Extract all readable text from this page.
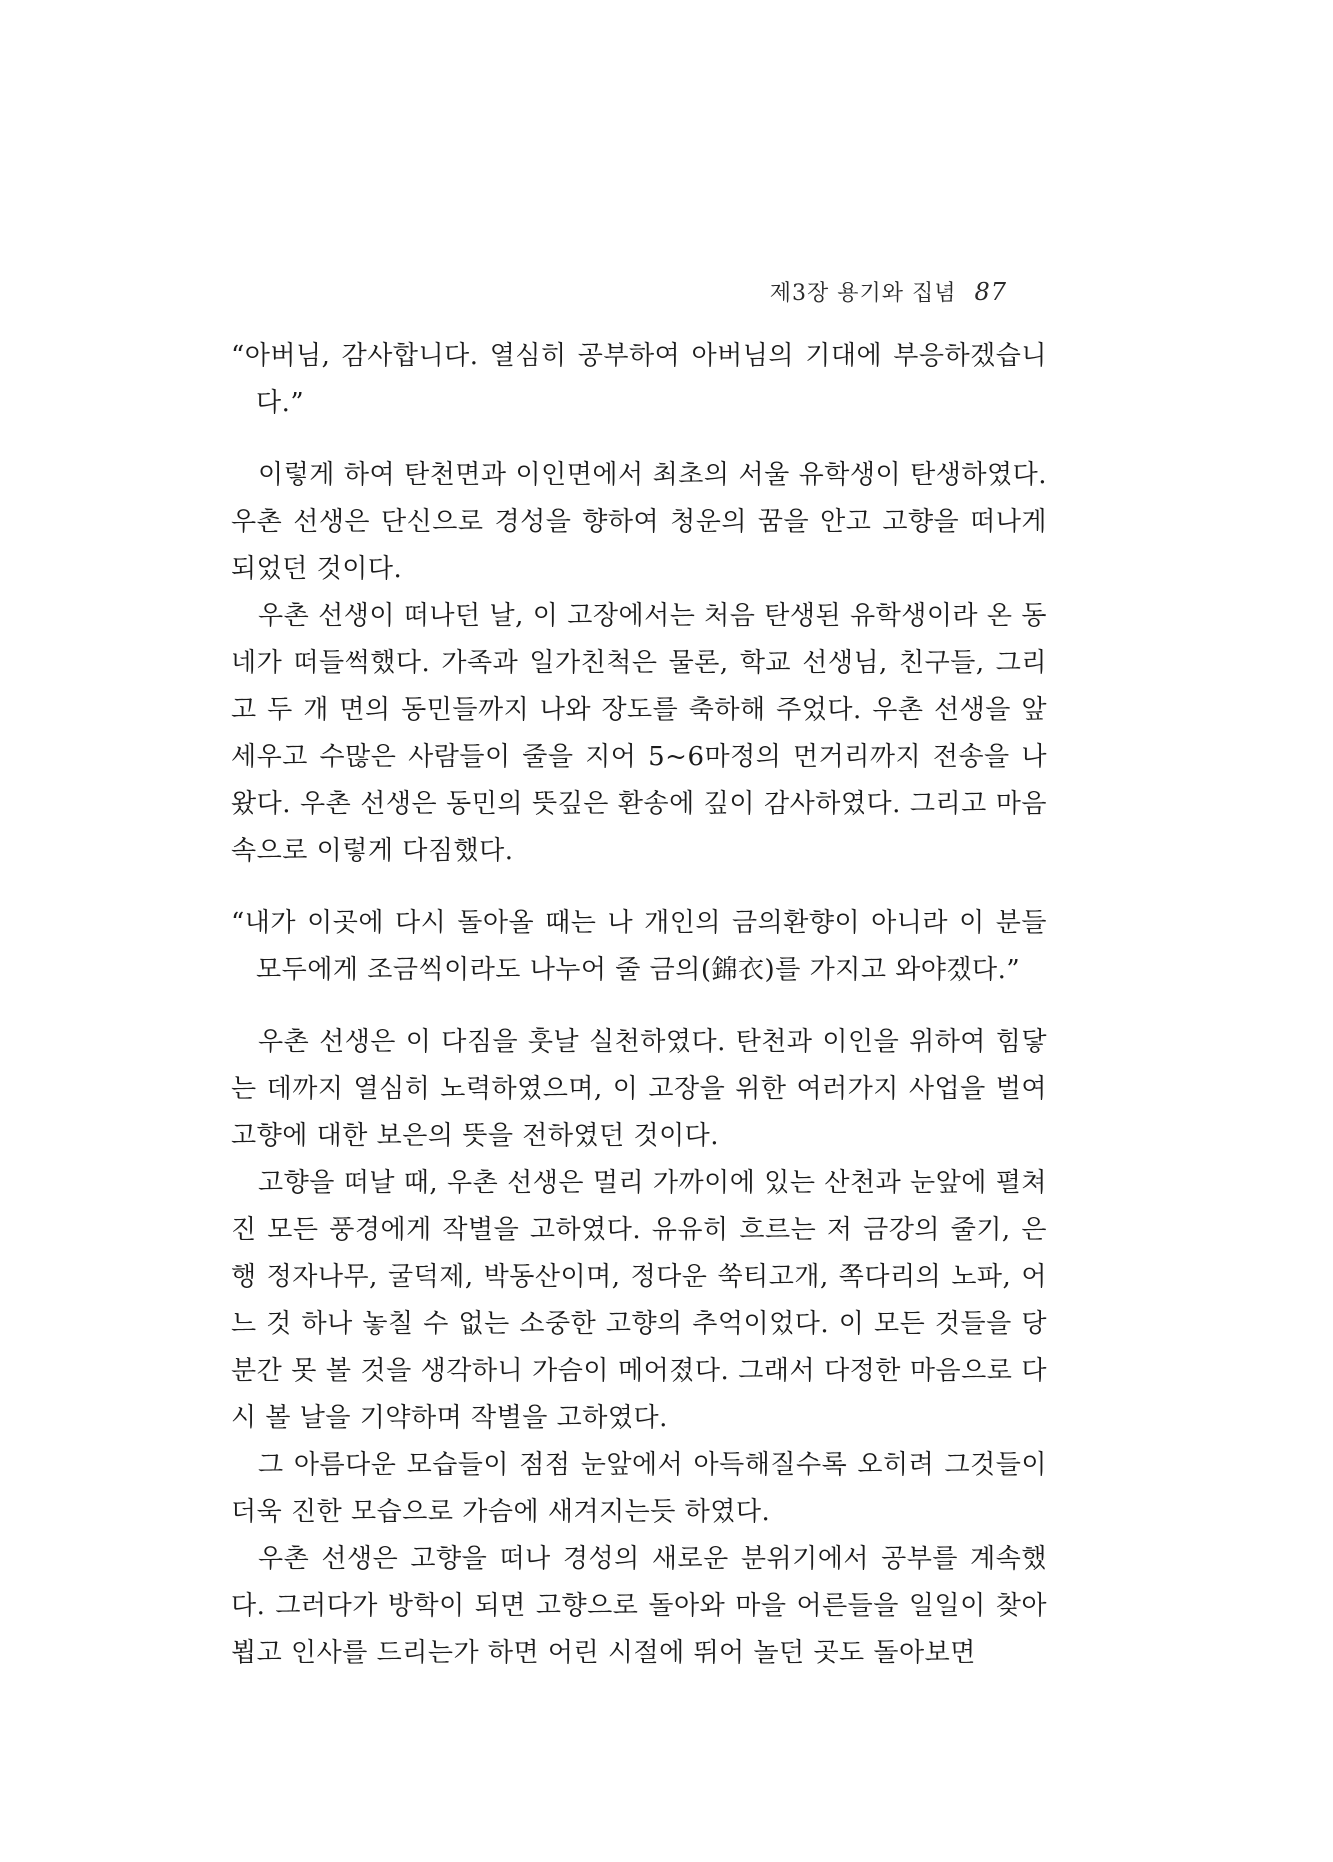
제3장 용기와 집념 87

“아버님, 감사합니다. 열심히 공부하여 아버님의 기대에 부응하겠습니다.”

이렇게 하여 탄천면과 이인면에서 최초의 서울 유학생이 탄생하였다. 우촌 선생은 단신으로 경성을 향하여 청운의 꿈을 안고 고향을 떠나게 되었던 것이다.

우촌 선생이 떠나던 날, 이 고장에서는 처음 탄생된 유학생이라 온 동네가 떠들썩했다. 가족과 일가친척은 물론, 학교 선생님, 친구들, 그리고 두 개 면의 동민들까지 나와 장도를 축하해 주었다. 우촌 선생을 앞세우고 수많은 사람들이 줄을 지어 5~6마정의 먼거리까지 전송을 나왔다. 우촌 선생은 동민의 뜻깊은 환송에 깊이 감사하였다. 그리고 마음 속으로 이렇게 다짐했다.

“내가 이곳에 다시 돌아올 때는 나 개인의 금의환향이 아니라 이 분들 모두에게 조금씩이라도 나누어 줄 금의(錦衣)를 가지고 와야겠다.”

우촌 선생은 이 다짐을 훗날 실천하였다. 탄천과 이인을 위하여 힘닿는 데까지 열심히 노력하였으며, 이 고장을 위한 여러가지 사업을 벌여 고향에 대한 보은의 뜻을 전하였던 것이다.

고향을 떠날 때, 우촌 선생은 멀리 가까이에 있는 산천과 눈앞에 펼쳐진 모든 풍경에게 작별을 고하였다. 유유히 흐르는 저 금강의 줄기, 은행 정자나무, 굴덕제, 박동산이며, 정다운 쑥티고개, 쪽다리의 노파, 어느 것 하나 놓칠 수 없는 소중한 고향의 추억이었다. 이 모든 것들을 당분간 못 볼 것을 생각하니 가슴이 메어졌다. 그래서 다정한 마음으로 다시 볼 날을 기약하며 작별을 고하였다.

그 아름다운 모습들이 점점 눈앞에서 아득해질수록 오히려 그것들이 더욱 진한 모습으로 가슴에 새겨지는듯 하였다.

우촌 선생은 고향을 떠나 경성의 새로운 분위기에서 공부를 계속했다. 그러다가 방학이 되면 고향으로 돌아와 마을 어른들을 일일이 찾아 뵙고 인사를 드리는가 하면 어린 시절에 뛰어 놀던 곳도 돌아보면
